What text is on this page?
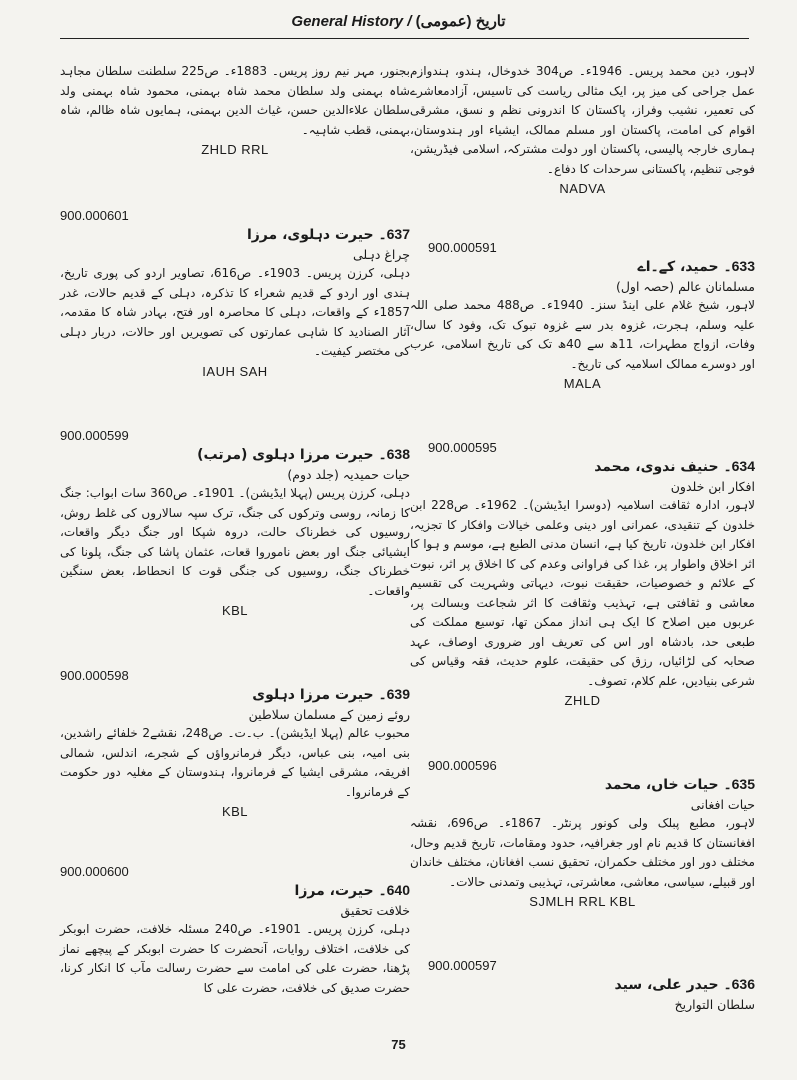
General History / تاریخ (عمومی)
لاہور، دین محمد پریس۔ 1946ء۔ ص304 خدوخال، ہندو، ہندوازم عمل جراحی کی میز پر، ایک مثالی ریاست کی تاسیس، آزادمعاشرے کی تعمیر، نشیب وفراز، پاکستان کا اندرونی نظم و نسق، مشرقی اقوام کی امامت، پاکستان اور مسلم ممالک، ایشیاء اور ہندوستان، ہماری خارجہ پالیسی، پاکستان اور دولت مشترکہ، اسلامی فیڈریشن، فوجی تنظیم، پاکستانی سرحدات کا دفاع۔
NADVA
900.000591
633۔ حمید، کے۔اے
مسلمانان عالم (حصہ اول)
لاہور، شیخ غلام علی اینڈ سنز۔ 1940ء۔ ص488 محمد صلی اللہ علیہ وسلم، ہجرت، غزوہ بدر سے غزوہ تبوک تک، وفود کا سال، وفات، ازواج مطہرات، 11ھ سے 40ھ تک کی تاریخ اسلامی، عرب اور دوسرے ممالک اسلامیہ کی تاریخ۔
MALA
900.000595
634۔ حنیف ندوی، محمد
افکار ابن خلدون
لاہور، ادارہ ثقافت اسلامیہ (دوسرا ایڈیشن)۔ 1962ء۔ ص228 ابن خلدون کے تنقیدی، عمرانی اور دینی وعلمی خیالات وافکار کا تجزیہ، افکار ابن خلدون، تاریخ کیا ہے، انسان مدنی الطبع ہے، موسم و ہوا کا اثر اخلاق واطوار پر، غذا کی فراوانی وعدم کی کا اخلاق پر اثر، نبوت کے علائم و خصوصیات، حقیقت نبوت، دیہاتی وشہریت کی تقسیم معاشی و ثقافتی ہے، تہذیب وثقافت کا اثر شجاعت وبسالت پر، عربوں میں اصلاح کا ایک ہی انداز ممکن تھا، توسیع مملکت کی طبعی حد، بادشاہ اور اس کی تعریف اور ضروری اوصاف، عہد صحابہ کی لڑائیاں، رزق کی حقیقت، علوم حدیث، فقہ وقیاس کی شرعی بنیادیں، علم کلام، تصوف۔
ZHLD
900.000596
635۔ حیات خاں، محمد
حیات افغانی
لاہور، مطبع پبلک ولی کونور پرنٹر۔ 1867ء۔ ص696، نقشہ افغانستان کا قدیم نام اور جغرافیہ، حدود ومقامات، تاریخ قدیم وحال، مختلف دور اور مختلف حکمران، تحقیق نسب افغانان، مختلف خاندان اور قبیلے، سیاسی، معاشی، معاشرتی، تہذیبی وتمدنی حالات۔
SJMLH RRL KBL
900.000597
636۔ حیدر علی، سید
سلطان التواریخ
بجنور، مہر نیم روز پریس۔ 1883ء۔ ص225 سلطنت سلطان مجاہد شاہ بہمنی ولد سلطان محمد شاہ بہمنی، محمود شاہ بہمنی ولد سلطان علاءالدین حسن، غیاث الدین بہمنی، ہمایوں شاہ ظالم، شاہ بہمنی، قطب شاہیہ۔
ZHLD RRL
900.000601
637۔ حیرت دہلوی، مرزا
چراغ دہلی
دہلی، کرزن پریس۔ 1903ء۔ ص616، تصاویر اردو کی پوری تاریخ، ہندی اور اردو کے قدیم شعراء کا تذکرہ، دہلی کے قدیم حالات، غدر 1857ء کے واقعات، دہلی کا محاصرہ اور فتح، بہادر شاہ کا مقدمہ، آثار الصنادید کا شاہی عمارتوں کی تصویریں اور حالات، دربار دہلی کی مختصر کیفیت۔
IAUH SAH
900.000599
638۔ حیرت مرزا دہلوی (مرتب)
حیات حمیدیہ (جلد دوم)
دہلی، کرزن پریس (پہلا ایڈیشن)۔ 1901ء۔ ص360 سات ابواب: جنگ کا زمانہ، روسی وترکوں کی جنگ، ترک سپہ سالاروں کی غلط روش، روسیوں کی خطرناک حالت، دروہ شپکا اور جنگ دیگر واقعات، ایشیائی جنگ اور بعض ناموروا قعات، عثمان پاشا کی جنگ، پلونا کی خطرناک جنگ، روسیوں کی جنگی قوت کا انحطاط، بعض سنگین واقعات۔
KBL
900.000598
639۔ حیرت مرزا دہلوی
روئے زمین کے مسلمان سلاطین
محبوب عالم (پہلا ایڈیشن)۔ ب۔ت۔ ص248، نقشے2 خلفائے راشدین، بنی امیہ، بنی عباس، دیگر فرمانرواؤں کے شجرے، اندلس، شمالی افریقہ، مشرقی ایشیا کے فرمانروا، ہندوستان کے مغلیہ دور حکومت کے فرمانروا۔
KBL
900.000600
640۔ حیرت، مرزا
خلافت تحقیق
دہلی، کرزن پریس۔ 1901ء۔ ص240 مسئلہ خلافت، حضرت ابوبکر کی خلافت، اختلاف روایات، آنحضرت کا حضرت ابوبکر کے پیچھے نماز پڑھنا، حضرت علی کی امامت سے حضرت رسالت مآب کا انکار کرنا، حضرت صدیق کی خلافت، حضرت علی کا
75
